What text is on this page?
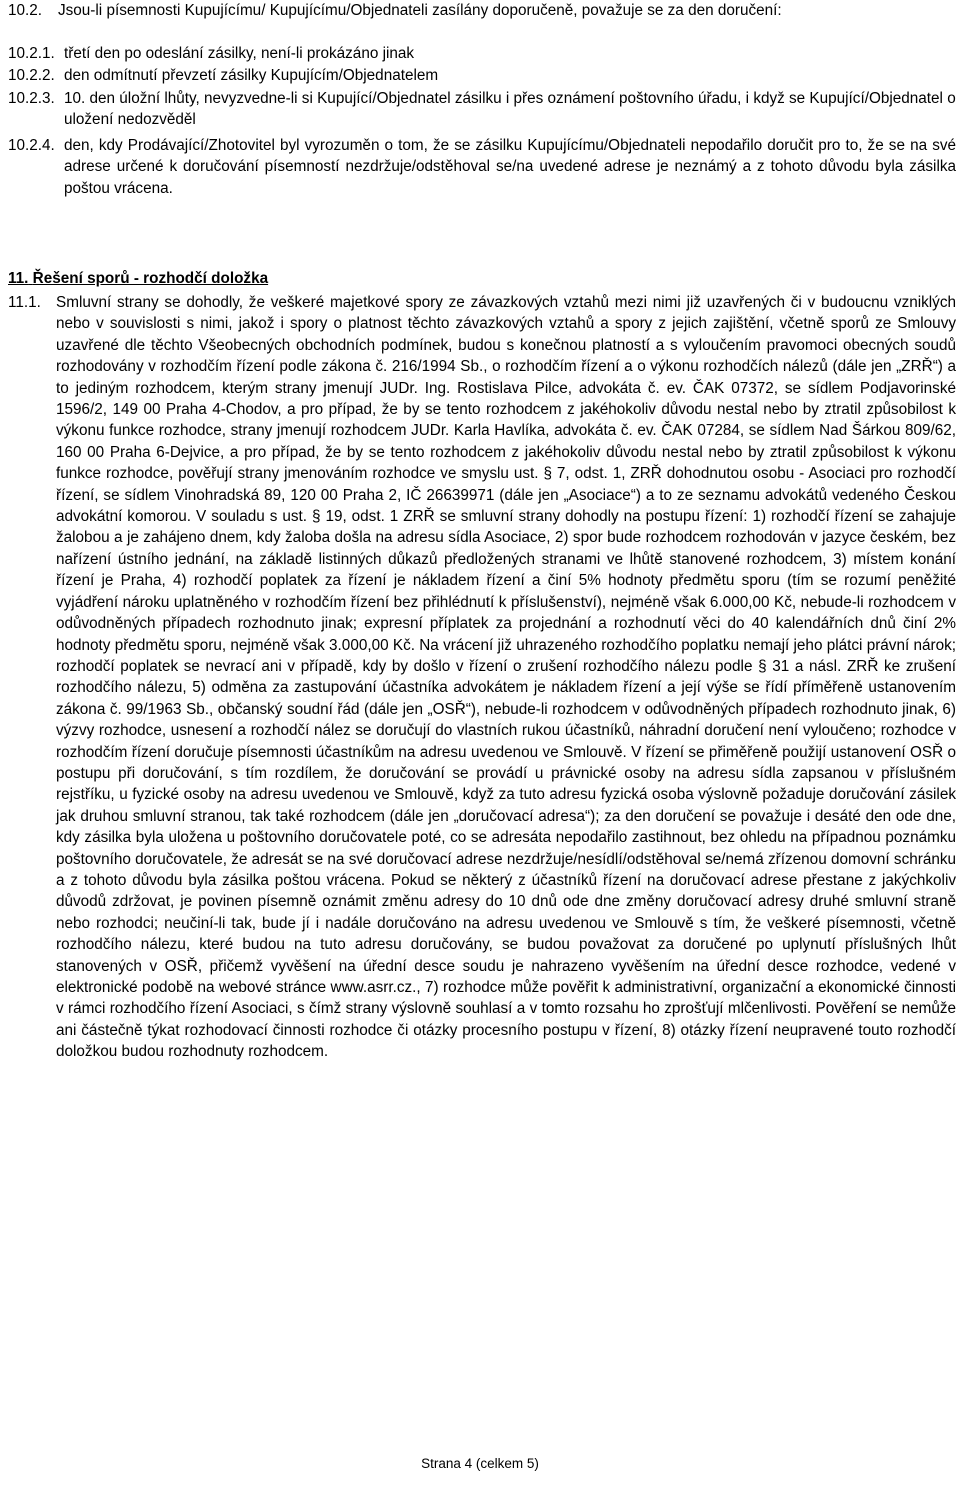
10.2.	Jsou-li písemnosti Kupujícímu/ Kupujícímu/Objednateli zasílány doporučeně, považuje se za den doručení:
10.2.1. třetí den po odeslání zásilky, není-li prokázáno jinak
10.2.2. den odmítnutí převzetí zásilky Kupujícím/Objednatelem
10.2.3. 10. den úložní lhůty, nevyzvedne-li si Kupující/Objednatel zásilku i přes oznámení poštovního úřadu, i když se Kupující/Objednatel o uložení nedozvěděl
10.2.4. den, kdy Prodávající/Zhotovitel byl vyrozuměn o tom, že se zásilku Kupujícímu/Objednateli nepodařilo doručit pro to, že se na své adrese určené k doručování písemností nezdržuje/odstěhoval se/na uvedené adrese je neznámý a z tohoto důvodu byla zásilka poštou vrácena.
11. Řešení sporů - rozhodčí doložka
11.1. Smluvní strany se dohodly, že veškeré majetkové spory ze závazkových vztahů mezi nimi již uzavřených či v budoucnu vzniklých nebo v souvislosti s nimi, jakož i spory o platnost těchto závazkových vztahů a spory z jejich zajištění, včetně sporů ze Smlouvy uzavřené dle těchto Všeobecných obchodních podmínek, budou s konečnou platností a s vyloučením pravomoci obecných soudů rozhodovány v rozhodčím řízení podle zákona č. 216/1994 Sb., o rozhodčím řízení a o výkonu rozhodčích nálezů (dále jen „ZRŘ“) a to jediným rozhodcem, kterým strany jmenují JUDr. Ing. Rostislava Pilce, advokáta č. ev. ČAK 07372, se sídlem Podjavorinské 1596/2, 149 00 Praha 4-Chodov, a pro případ, že by se tento rozhodcem z jakéhokoliv důvodu nestal nebo by ztratil způsobilost k výkonu funkce rozhodce, strany jmenují rozhodcem JUDr. Karla Havlíka, advokáta č. ev. ČAK 07284, se sídlem Nad Šárkou 809/62, 160 00 Praha 6-Dejvice, a pro případ, že by se tento rozhodcem z jakéhokoliv důvodu nestal nebo by ztratil způsobilost k výkonu funkce rozhodce, pověřují strany jmenováním rozhodce ve smyslu ust. § 7, odst. 1, ZRŘ dohodnutou osobu - Asociaci pro rozhodčí řízení, se sídlem Vinohradská 89, 120 00 Praha 2, IČ 26639971 (dále jen „Asociace“) a to ze seznamu advokátů vedeného Českou advokátní komorou. V souladu s ust. § 19, odst. 1 ZRŘ se smluvní strany dohodly na postupu řízení: 1) rozhodčí řízení se zahajuje žalobou a je zahájeno dnem, kdy žaloba došla na adresu sídla Asociace, 2) spor bude rozhodcem rozhodován v jazyce českém, bez nařízení ústního jednání, na základě listinných důkazů předložených stranami ve lhůtě stanovené rozhodcem, 3) místem konání řízení je Praha, 4) rozhodčí poplatek za řízení je nákladem řízení a činí 5% hodnoty předmětu sporu (tím se rozumí peněžité vyjádření nároku uplatněného v rozhodčím řízení bez přihlédnutí k příslušenství), nejméně však 6.000,00 Kč, nebude-li rozhodcem v odůvodněných případech rozhodnuto jinak; expresní příplatek za projednání a rozhodnutí věci do 40 kalendářních dnů činí 2% hodnoty předmětu sporu, nejméně však 3.000,00 Kč. Na vrácení již uhrazeného rozhodčího poplatku nemají jeho plátci právní nárok; rozhodčí poplatek se nevrací ani v případě, kdy by došlo v řízení o zrušení rozhodčího nálezu podle § 31 a násl. ZRŘ ke zrušení rozhodčího nálezu, 5) odměna za zastupování účastníka advokátem je nákladem řízení a její výše se řídí příměřeně ustanovením zákona č. 99/1963 Sb., občanský soudní řád (dále jen „OSŘ“), nebude-li rozhodcem v odůvodněných případech rozhodnuto jinak, 6) výzvy rozhodce, usnesení a rozhodčí nález se doručují do vlastních rukou účastníků, náhradní doručení není vyloučeno; rozhodce v rozhodčím řízení doručuje písemnosti účastníkům na adresu uvedenou ve Smlouvě. V řízení se přiměřeně použijí ustanovení OSŘ o postupu při doručování, s tím rozdílem, že doručování se provádí u právnické osoby na adresu sídla zapsanou v příslušném rejstříku, u fyzické osoby na adresu uvedenou ve Smlouvě, když za tuto adresu fyzická osoba výslovně požaduje doručování zásilek jak druhou smluvní stranou, tak také rozhodcem (dále jen „doručovací adresa“); za den doručení se považuje i desáté den ode dne, kdy zásilka byla uložena u poštovního doručovatele poté, co se adresáta nepodařilo zastihnout, bez ohledu na případnou poznámku poštovního doručovatele, že adresát se na své doručovací adrese nezdržuje/nesídlí/odstěhoval se/nemá zřízenou domovní schránku a z tohoto důvodu byla zásilka poštou vrácena. Pokud se některý z účastníků řízení na doručovací adrese přestane z jakýchkoliv důvodů zdržovat, je povinen písemně oznámit změnu adresy do 10 dnů ode dne změny doručovací adresy druhé smluvní straně nebo rozhodci; neučiní-li tak, bude jí i nadále doručováno na adresu uvedenou ve Smlouvě s tím, že veškeré písemnosti, včetně rozhodčího nálezu, které budou na tuto adresu doručovány, se budou považovat za doručené po uplynutí příslušných lhůt stanovených v OSŘ, přičemž vyvěšení na úřední desce soudu je nahrazeno vyvěšením na úřední desce rozhodce, vedené v elektronické podobě na webové stránce www.asrr.cz., 7) rozhodce může pověřit k administrativní, organizační a ekonomické činnosti v rámci rozhodčího řízení Asociaci, s čímž strany výslovně souhlasí a v tomto rozsahu ho zprošťují mlčenlivosti. Pověření se nemůže ani částečně týkat rozhodovací činnosti rozhodce či otázky procesního postupu v řízení, 8) otázky řízení neupravené touto rozhodčí doložkou budou rozhodnuty rozhodcem.
Strana 4 (celkem 5)
